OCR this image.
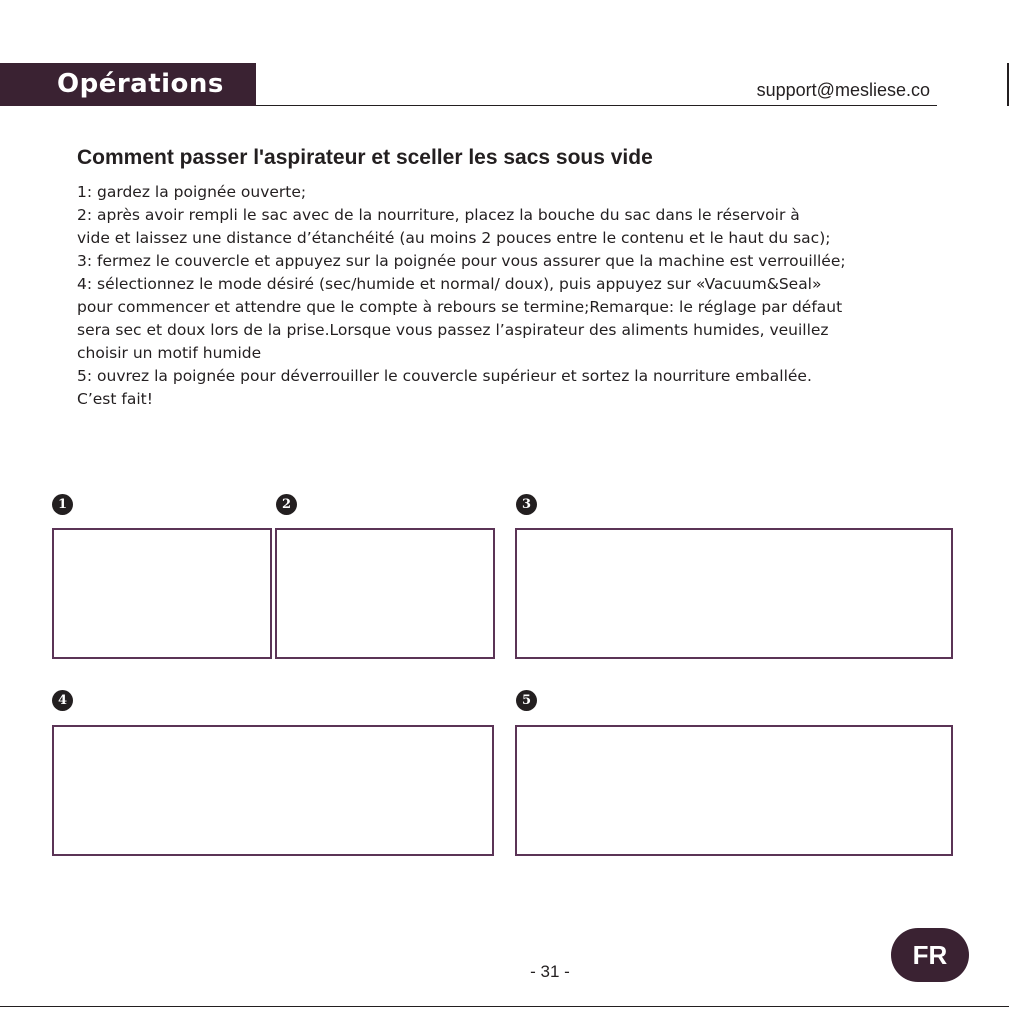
Opérations	support@mesliese.co
Comment passer l'aspirateur et sceller les sacs sous vide
1: gardez la poignée ouverte;
2: après avoir rempli le sac avec de la nourriture, placez la bouche du sac dans le réservoir à
vide et laissez une distance d’étanchéité (au moins 2 pouces entre le contenu et le haut du sac);
3: fermez le couvercle et appuyez sur la poignée pour vous assurer que la machine est verrouillée;
4: sélectionnez le mode désiré (sec/humide et normal/ doux), puis appuyez sur «Vacuum&Seal»
pour commencer et attendre que le compte à rebours se termine;Remarque: le réglage par défaut
sera sec et doux lors de la prise.Lorsque vous passez l’aspirateur des aliments humides, veuillez
choisir un motif humide
5: ouvrez la poignée pour déverrouiller le couvercle supérieur et sortez la nourriture emballée.
C’est fait!
1	2	3
4	5
- 31 -
FR
